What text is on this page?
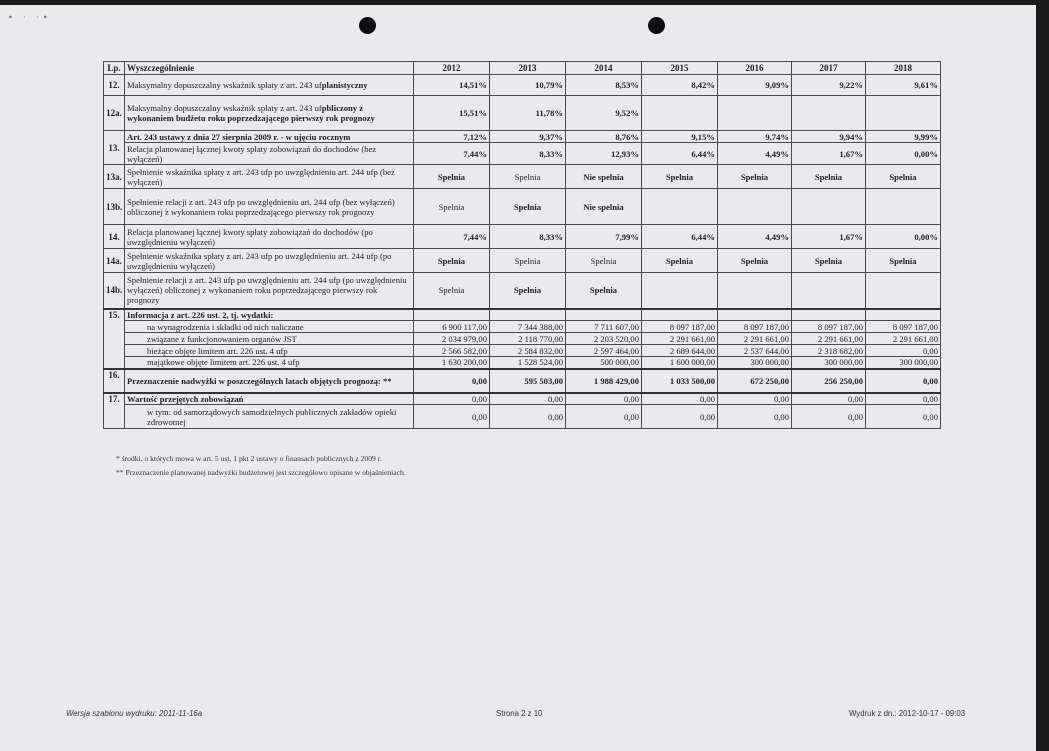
• · ·•
Lp.	Wyszczególnienie	2012	2013	2014	2015	2016	2017	2018
12.	Maksymalny dopuszczalny wskaźnik spłaty z art. 243 ufplanistyczny	14,51%	10,79%	8,53%	8,42%	9,09%	9,22%	9,61%
12a.	Maksymalny dopuszczalny wskaźnik spłaty z art. 243 ufpbliczony z wykonaniem budżetu roku poprzedzającego pierwszy rok prognozy	15,51%	11,78%	9,52%				
13.	Art. 243 ustawy z dnia 27 sierpnia 2009 r. - w ujęciu rocznym	7,12%	9,37%	8,76%	9,15%	9,74%	9,94%	9,99%
	Relacja planowanej łącznej kwoty spłaty zobowiązań do dochodów (bez wyłączeń)	7,44%	8,33%	12,93%	6,44%	4,49%	1,67%	0,00%
13a.	Spełnienie wskaźnika spłaty z art. 243 ufp po uwzględnieniu art. 244 ufp (bez wyłączeń)	Spelnia	Spelnia	Nie spelnia	Spelnia	Spelnia	Spelnia	Spelnia
13b.	Spełnienie relacji z art. 243 ufp po uwzględnieniu art. 244 ufp (bez wyłączeń) obliczonej z wykonaniem roku poprzedzającego pierwszy rok prognozy	Spelnia	Spelnia	Nie spelnia				
14.	Relacja planowanej łącznej kwoty spłaty zobowiązań do dochodów (po uwzględnieniu wyłączeń)	7,44%	8,33%	7,99%	6,44%	4,49%	1,67%	0,00%
14a.	Spełnienie wskaźnika spłaty z art. 243 ufp po uwzględnieniu art. 244 ufp (po uwzględnieniu wyłączeń)	Spelnia	Spelnia	Spelnia	Spelnia	Spelnia	Spelnia	Spelnia
14b.	Spełnienie relacji z art. 243 ufp po uwzględnieniu art. 244 ufp (po uwzględnieniu wyłączeń) obliczonej z wykonaniem roku poprzedzającego pierwszy rok prognozy	Spelnia	Spelnia	Spelnia				
15.	Informacja z art. 226 ust. 2, tj. wydatki:							
	na wynagrodzenia i składki od nich naliczane	6 900 117,00	7 344 388,00	7 711 607,00	8 097 187,00	8 097 187,00	8 097 187,00	8 097 187,00
	związane z funkcjonowaniem organów JST	2 034 979,00	2 118 770,00	2 203 520,00	2 291 661,00	2 291 661,00	2 291 661,00	2 291 661,00
	bieżące objęte limitem art. 226 ust. 4 ufp	2 566 582,00	2 584 832,00	2 597 464,00	2 689 644,00	2 537 644,00	2 318 682,00	0,00
	majątkowe objęte limitem art. 226 ust. 4 ufp	1 630 200,00	1 528 524,00	500 000,00	1 600 000,00	300 000,00	300 000,00	300 000,00
16.	Przeznaczenie nadwyżki w poszczególnych latach objętych prognozą: **	0,00	595 503,00	1 988 429,00	1 033 500,00	672 250,00	256 250,00	0,00
17.	Wartość przejętych zobowiązań	0,00	0,00	0,00	0,00	0,00	0,00	0,00
	w tym: od samorządowych samodzielnych publicznych zakładów opieki zdrowotnej	0,00	0,00	0,00	0,00	0,00	0,00	0,00
* środki, o których mowa w art. 5 ust. 1 pkt 2 ustawy o finansach publicznych z 2009 r.
** Przeznaczenie planowanej nadwyżki budżetowej jest szczegółowo opisane w objaśnieniach.
Wersja szablonu wydruku: 2011-11-16a	Strona 2 z 10	Wydruk z dn.: 2012-10-17 - 09:03
